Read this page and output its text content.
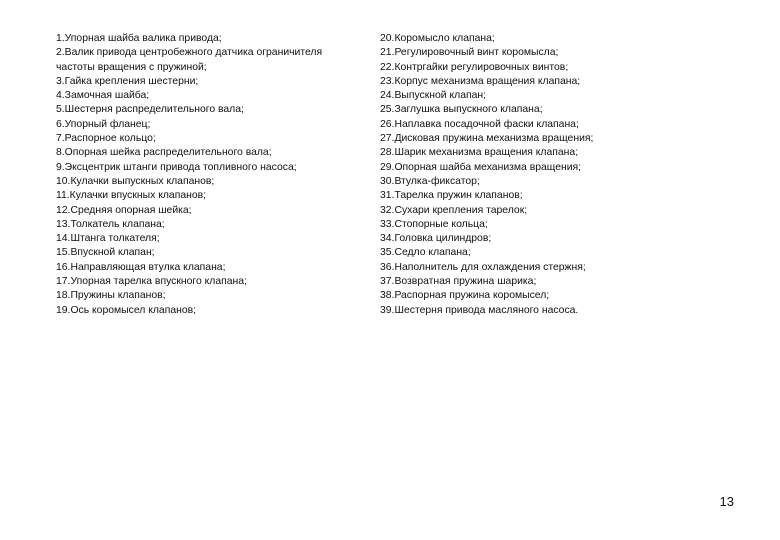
1.Упорная шайба валика привода;
2.Валик привода центробежного датчика ограничителя частоты вращения с пружиной;
3.Гайка крепления шестерни;
4.Замочная шайба;
5.Шестерня распределительного вала;
6.Упорный фланец;
7.Распорное кольцо;
8.Опорная шейка распределительного вала;
9.Эксцентрик штанги привода топливного насоса;
10.Кулачки выпускных клапанов;
11.Кулачки впускных клапанов;
12.Средняя опорная шейка;
13.Толкатель клапана;
14.Штанга толкателя;
15.Впускной клапан;
16.Направляющая втулка клапана;
17.Упорная тарелка впускного клапана;
18.Пружины клапанов;
19.Ось коромысел клапанов;
20.Коромысло клапана;
21.Регулировочный винт коромысла;
22.Контргайки регулировочных винтов;
23.Корпус механизма вращения клапана;
24.Выпускной клапан;
25.Заглушка выпускного клапана;
26.Наплавка посадочной фаски клапана;
27.Дисковая пружина механизма вращения;
28.Шарик механизма вращения клапана;
29.Опорная шайба механизма вращения;
30.Втулка-фиксатор;
31.Тарелка пружин клапанов;
32.Сухари крепления тарелок;
33.Стопорные кольца;
34.Головка цилиндров;
35.Седло клапана;
36.Наполнитель для охлаждения стержня;
37.Возвратная пружина шарика;
38.Распорная пружина коромысел;
39.Шестерня привода масляного насоса.
13
